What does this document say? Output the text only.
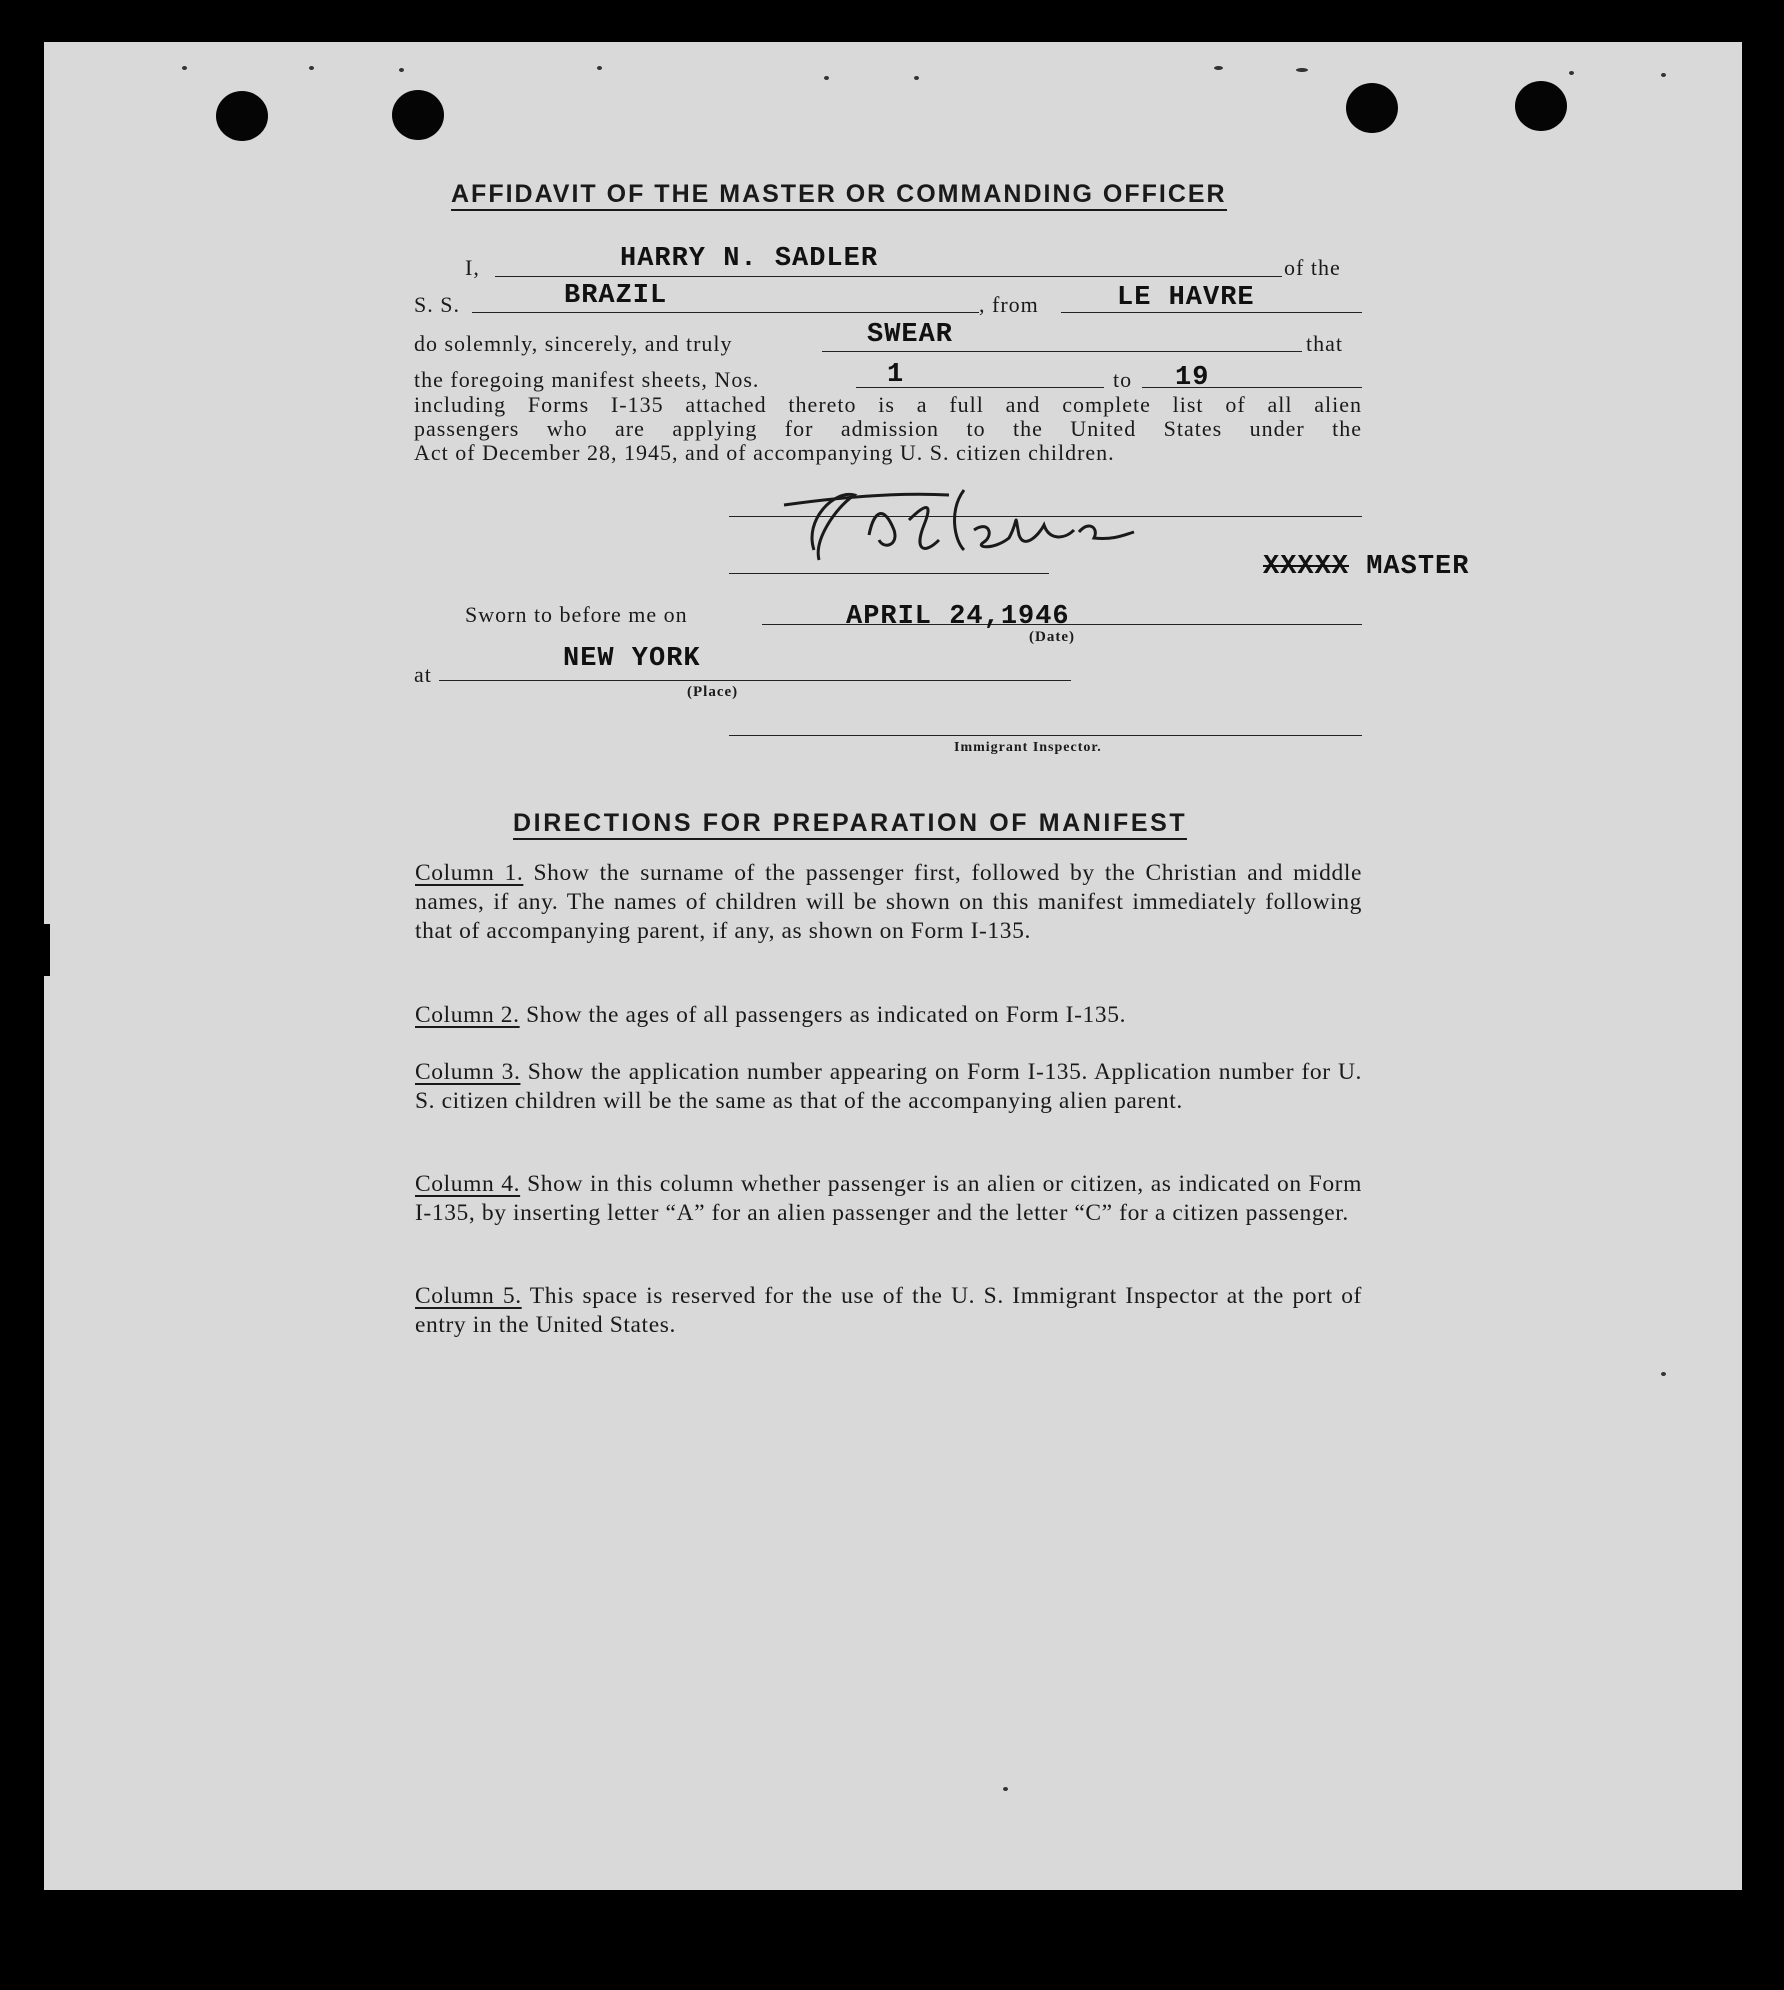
AFFIDAVIT OF THE MASTER OR COMMANDING OFFICER
I,	HARRY N. SADLER	of the
S. S.	BRAZIL	, from	LE HAVRE
do solemnly, sincerely, and truly	SWEAR	that
the foregoing manifest sheets, Nos.	1	to 19
including Forms I-135 attached thereto is a full and complete list of all alien
passengers who are applying for admission to the United States under the
Act of December 28, 1945, and of accompanying U. S. citizen children.
XXXXX MASTER
Sworn to before me on	APRIL 24,1946
(Date)
at
NEW YORK
(Place)
Immigrant Inspector.
DIRECTIONS FOR PREPARATION OF MANIFEST
Column 1. Show the surname of the passenger first, followed by the Christian and middle names, if any. The names of children will be shown on this manifest immediately following that of accompanying parent, if any, as shown on Form I-135.
Column 2. Show the ages of all passengers as indicated on Form I-135.
Column 3. Show the application number appearing on Form I-135. Application number for U. S. citizen children will be the same as that of the accompanying alien parent.
Column 4. Show in this column whether passenger is an alien or citizen, as indicated on Form I-135, by inserting letter “A” for an alien passenger and the letter “C” for a citizen passenger.
Column 5. This space is reserved for the use of the U. S. Immigrant Inspector at the port of entry in the United States.
